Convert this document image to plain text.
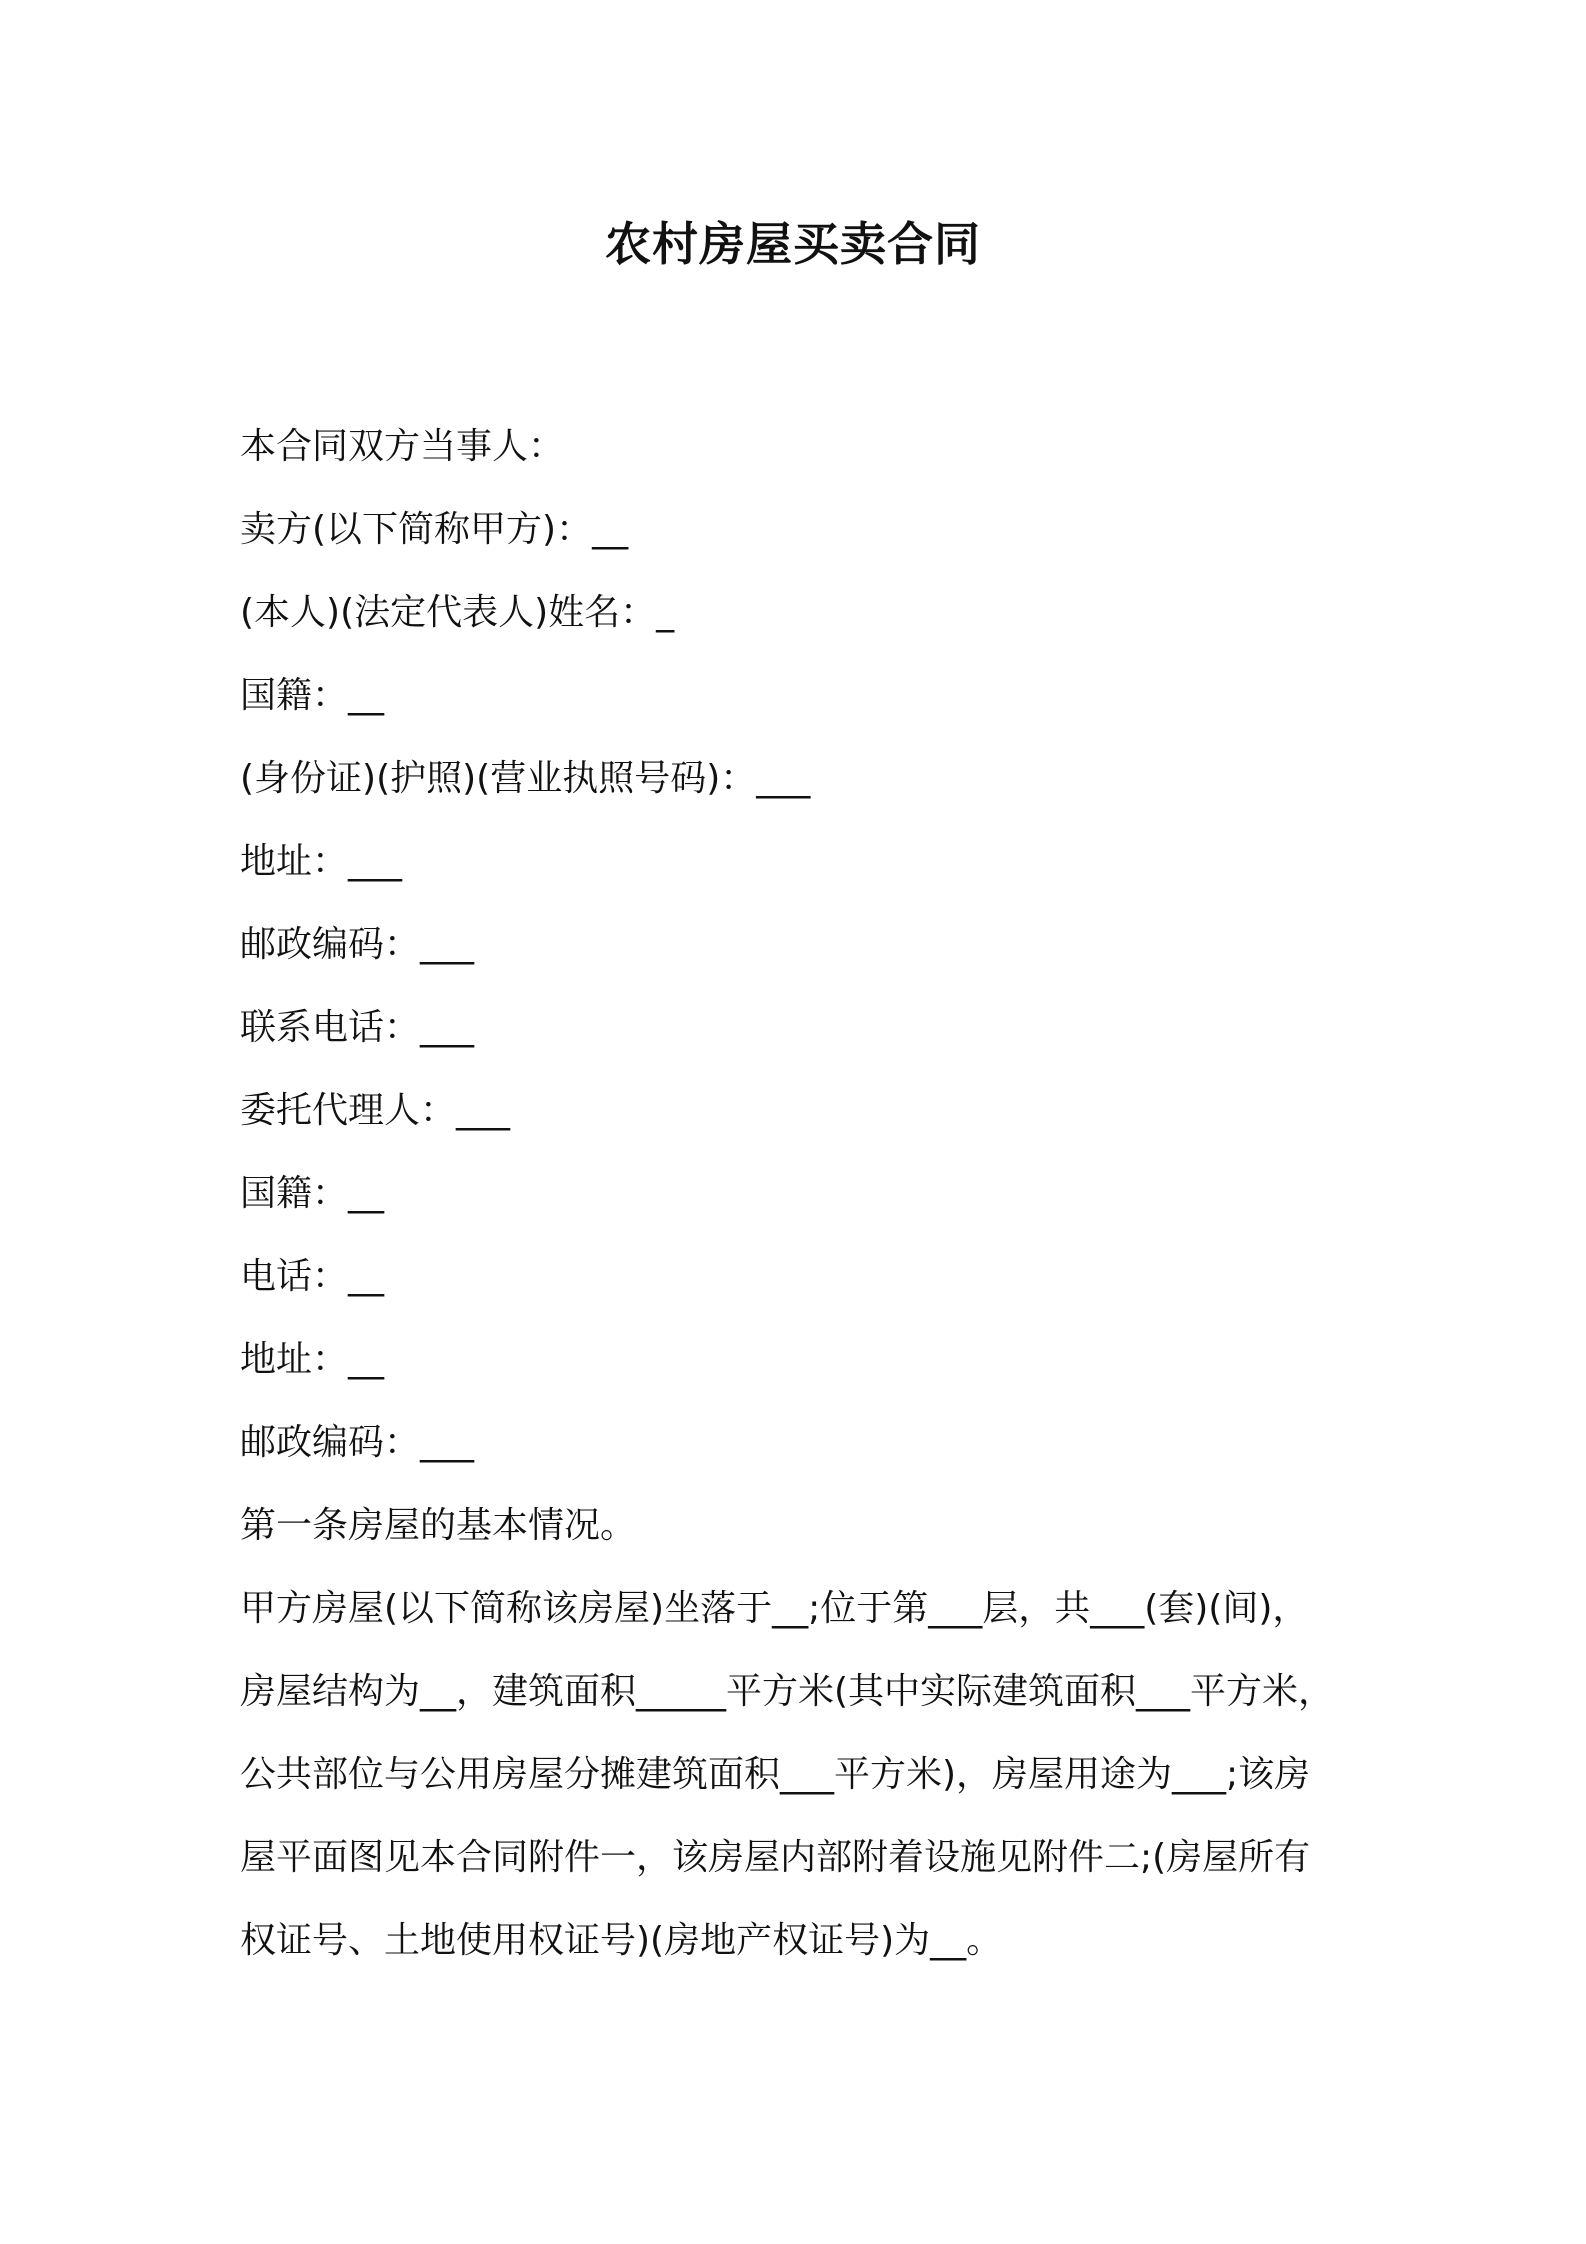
农村房屋买卖合同
本合同双方当事人：
卖方(以下简称甲方)：__
(本人)(法定代表人)姓名：_
国籍：__
(身份证)(护照)(营业执照号码)：___
地址：___
邮政编码：___
联系电话：___
委托代理人：___
国籍：__
电话：__
地址：__
邮政编码：___
第一条房屋的基本情况。
甲方房屋(以下简称该房屋)坐落于__;位于第___层，共___(套)(间)，
房屋结构为__，建筑面积_____平方米(其中实际建筑面积___平方米，
公共部位与公用房屋分摊建筑面积___平方米)，房屋用途为___;该房
屋平面图见本合同附件一，该房屋内部附着设施见附件二;(房屋所有
权证号、土地使用权证号)(房地产权证号)为__。
